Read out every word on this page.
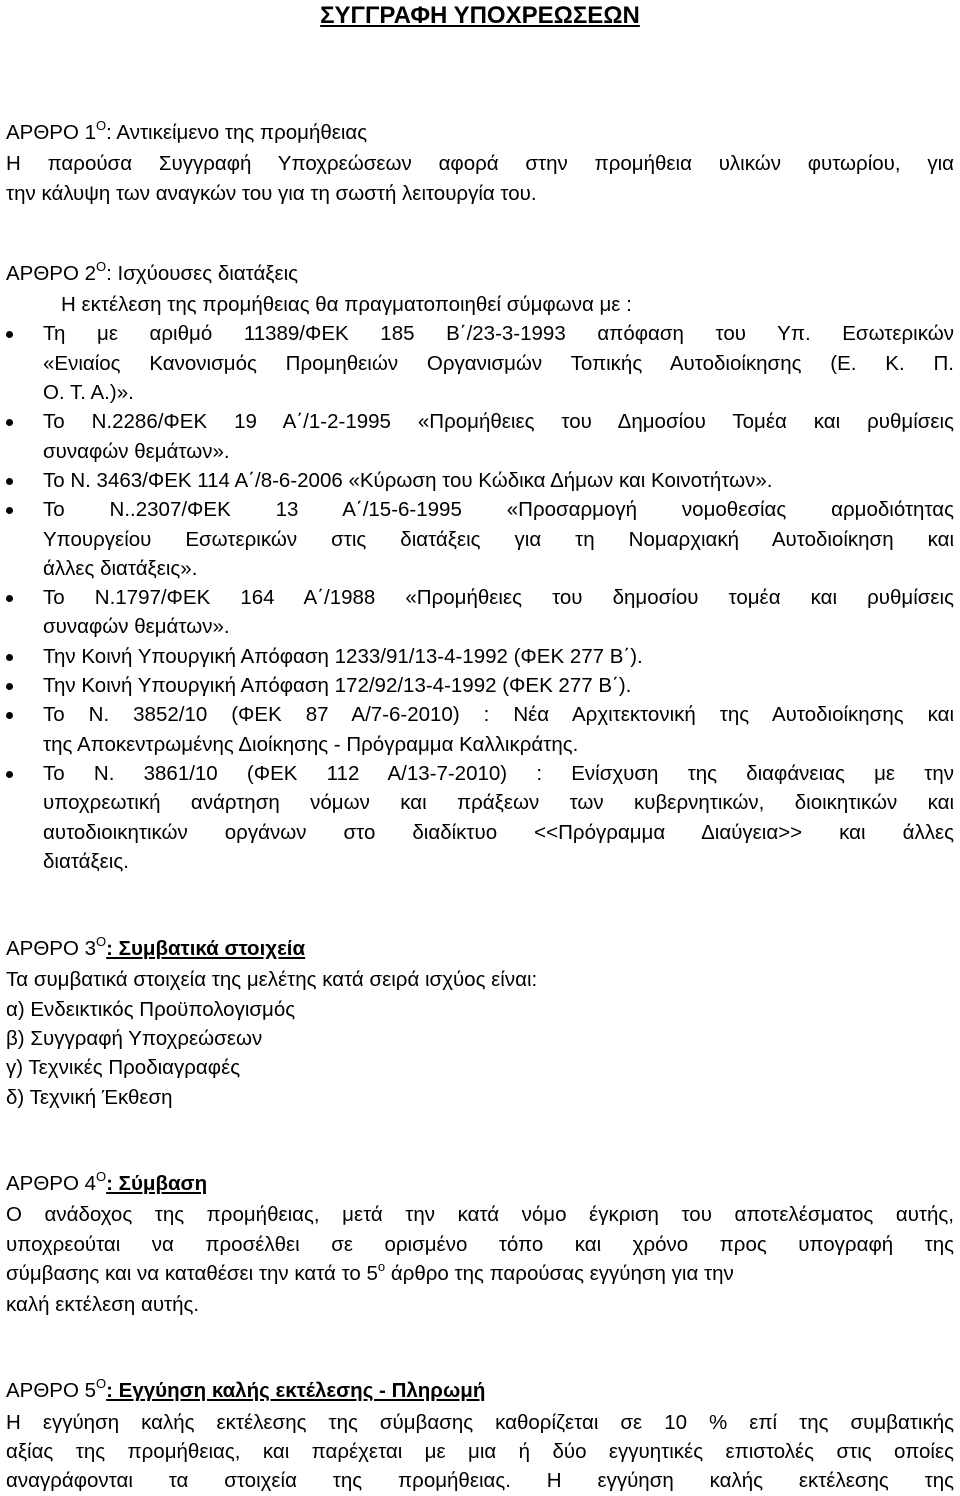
ΣΥΓΓΡΑΦΗ ΥΠΟΧΡΕΩΣΕΩΝ
ΑΡΘΡΟ $1^O$: Αντικείμενο της προμήθειας
Η παρούσα Συγγραφή Υποχρεώσεων αφορά στην προμήθεια υλικών φυτωρίου, για
την κάλυψη των αναγκών του για τη σωστή λειτουργία του.
ΑΡΘΡΟ $2^O$: Ισχύουσες διατάξεις
Η εκτέλεση της προμήθειας θα πραγματοποιηθεί σύμφωνα με :
Τη με αριθμό 11389/ΦΕΚ 185 Β΄/23-3-1993 απόφαση του Υπ. Εσωτερικών
«Ενιαίος Κανονισμός Προμηθειών Οργανισμών Τοπικής Αυτοδιοίκησης (Ε. Κ. Π.
Ο. Τ. Α.)».
Το Ν.2286/ΦΕΚ 19 Α΄/1-2-1995 «Προμήθειες του Δημοσίου Τομέα και ρυθμίσεις
συναφών θεμάτων».
Το Ν. 3463/ΦΕΚ 114 Α΄/8-6-2006 «Κύρωση του Κώδικα Δήμων και Κοινοτήτων».
Το Ν..2307/ΦΕΚ 13 Α΄/15-6-1995 «Προσαρμογή νομοθεσίας αρμοδιότητας
Υπουργείου Εσωτερικών στις διατάξεις για τη Νομαρχιακή Αυτοδιοίκηση και
άλλες διατάξεις».
Το Ν.1797/ΦΕΚ 164 Α΄/1988 «Προμήθειες του δημοσίου τομέα και ρυθμίσεις
συναφών θεμάτων».
Την Κοινή Υπουργική Απόφαση 1233/91/13-4-1992 (ΦΕΚ 277 Β΄).
Την Κοινή Υπουργική Απόφαση 172/92/13-4-1992 (ΦΕΚ 277 Β΄).
Το Ν. 3852/10 (ΦΕΚ 87 Α/7-6-2010) : Νέα Αρχιτεκτονική της Αυτοδιοίκησης και
της Αποκεντρωμένης Διοίκησης - Πρόγραμμα Καλλικράτης.
Το Ν. 3861/10 (ΦΕΚ 112 Α/13-7-2010) : Ενίσχυση της διαφάνειας με την
υποχρεωτική ανάρτηση νόμων και πράξεων των κυβερνητικών, διοικητικών και
αυτοδιοικητικών οργάνων στο διαδίκτυο <<Πρόγραμμα Διαύγεια>> και άλλες
διατάξεις.
ΑΡΘΡΟ $3^O$: Συμβατικά στοιχεία
Τα συμβατικά στοιχεία της μελέτης κατά σειρά ισχύος είναι:
α) Ενδεικτικός Προϋπολογισμός
β) Συγγραφή Υποχρεώσεων
γ) Τεχνικές Προδιαγραφές
δ) Τεχνική Έκθεση
ΑΡΘΡΟ $4^O$: Σύμβαση
Ο ανάδοχος της προμήθειας, μετά την κατά νόμο έγκριση του αποτελέσματος αυτής,
υποχρεούται να προσέλθει σε ορισμένο τόπο και χρόνο προς υπογραφή της
σύμβασης και να καταθέσει την κατά το $5^o$ άρθρο της παρούσας εγγύηση για την
καλή εκτέλεση αυτής.
ΑΡΘΡΟ $5^O$: Εγγύηση καλής εκτέλεσης - Πληρωμή
Η εγγύηση καλής εκτέλεσης της σύμβασης καθορίζεται σε 10 % επί της συμβατικής
αξίας της προμήθειας, και παρέχεται με μια ή δύο εγγυητικές επιστολές στις οποίες
αναγράφονται τα στοιχεία της προμήθειας. Η εγγύηση καλής εκτέλεσης της
